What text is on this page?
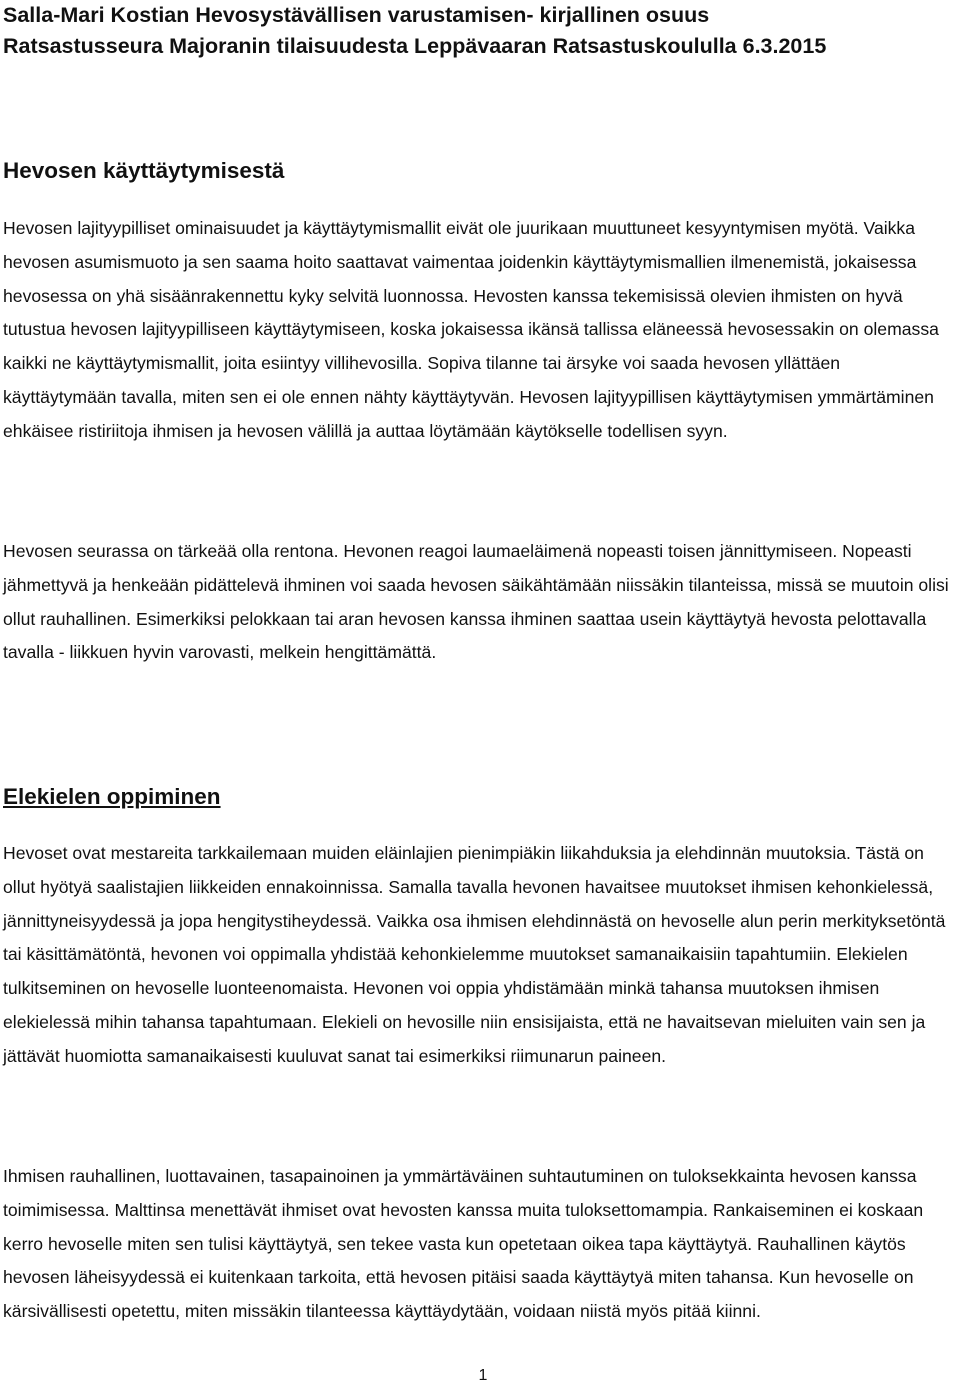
Salla-Mari Kostian Hevosystävällisen varustamisen- kirjallinen osuus

Ratsastusseura Majoranin tilaisuudesta Leppävaaran Ratsastuskoululla 6.3.2015

Hevosen käyttäytymisestä

Hevosen lajityypilliset ominaisuudet ja käyttäytymismallit eivät ole juurikaan muuttuneet kesyyntymisen myötä. Vaikka hevosen asumismuoto ja sen saama hoito saattavat vaimentaa joidenkin käyttäytymismallien ilmenemistä, jokaisessa hevosessa on yhä sisäänrakennettu kyky selvitä luonnossa. Hevosten kanssa tekemisissä olevien ihmisten on hyvä tutustua hevosen lajityypilliseen käyttäytymiseen, koska jokaisessa ikänsä tallissa eläneessä hevosessakin on olemassa kaikki ne käyttäytymismallit, joita esiintyy villihevosilla. Sopiva tilanne tai ärsyke voi saada hevosen yllättäen käyttäytymään tavalla, miten sen ei ole ennen nähty käyttäytyvän. Hevosen lajityypillisen käyttäytymisen ymmärtäminen ehkäisee ristiriitoja ihmisen ja hevosen välillä ja auttaa löytämään käytökselle todellisen syyn.

Hevosen seurassa on tärkeää olla rentona. Hevonen reagoi laumaeläimenä nopeasti toisen jännittymiseen. Nopeasti jähmettyvä ja henkeään pidättelevä ihminen voi saada hevosen säikähtämään niissäkin tilanteissa, missä se muutoin olisi ollut rauhallinen. Esimerkiksi pelokkaan tai aran hevosen kanssa ihminen saattaa usein käyttäytyä hevosta pelottavalla tavalla - liikkuen hyvin varovasti, melkein hengittämättä.

Elekielen oppiminen

Hevoset ovat mestareita tarkkailemaan muiden eläinlajien pienimpiäkin liikahduksia ja elehdinnän muutoksia. Tästä on ollut hyötyä saalistajien liikkeiden ennakoinnissa. Samalla tavalla hevonen havaitsee muutokset ihmisen kehonkielessä, jännittyneisyydessä ja jopa hengitystiheydessä. Vaikka osa ihmisen elehdinnästä on hevoselle alun perin merkityksetöntä tai käsittämätöntä, hevonen voi oppimalla yhdistää kehonkielemme muutokset samanaikaisiin tapahtumiin. Elekielen tulkitseminen on hevoselle luonteenomaista. Hevonen voi oppia yhdistämään minkä tahansa muutoksen ihmisen elekielessä mihin tahansa tapahtumaan. Elekieli on hevosille niin ensisijaista, että ne havaitsevan mieluiten vain sen ja jättävät huomiotta samanaikaisesti kuuluvat sanat tai esimerkiksi riimunarun paineen.

Ihmisen rauhallinen, luottavainen, tasapainoinen ja ymmärtäväinen suhtautuminen on tuloksekkainta hevosen kanssa toimimisessa. Malttinsa menettävät ihmiset ovat hevosten kanssa muita tuloksettomampia. Rankaiseminen ei koskaan kerro hevoselle miten sen tulisi käyttäytyä, sen tekee vasta kun opetetaan oikea tapa käyttäytyä. Rauhallinen käytös hevosen läheisyydessä ei kuitenkaan tarkoita, että hevosen pitäisi saada käyttäytyä miten tahansa. Kun hevoselle on kärsivällisesti opetettu, miten missäkin tilanteessa käyttäydytään, voidaan niistä myös pitää kiinni.

1
